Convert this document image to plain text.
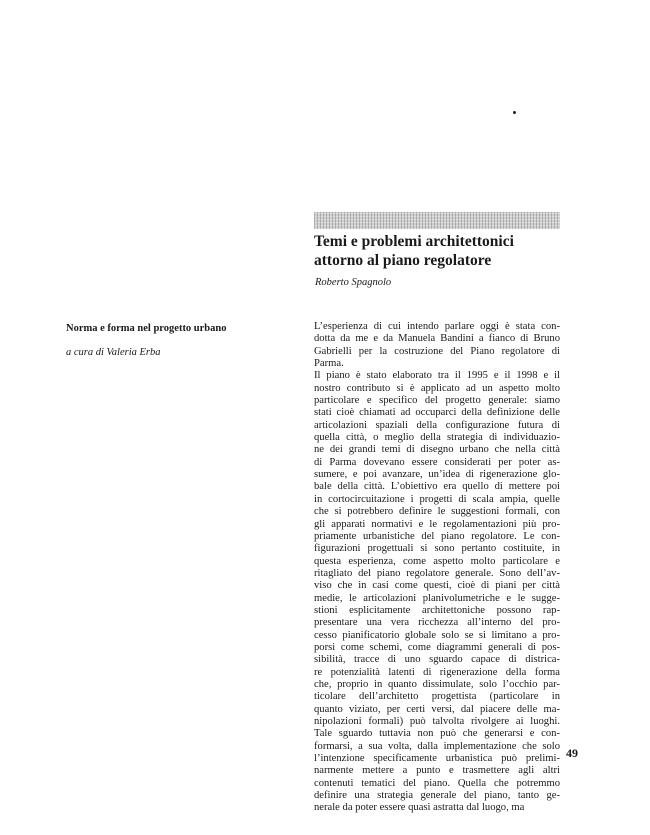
Temi e problemi architettonici
attorno al piano regolatore

Roberto Spagnolo

Norma e forma nel progetto urbano

a cura di Valeria Erba

L’esperienza di cui intendo parlare oggi è stata con-
dotta da me e da Manuela Bandini a fianco di Bruno
Gabrielli per la costruzione del Piano regolatore di
Parma.
Il piano è stato elaborato tra il 1995 e il 1998 e il
nostro contributo si è applicato ad un aspetto molto
particolare e specifico del progetto generale: siamo
stati cioè chiamati ad occuparci della definizione delle
articolazioni spaziali della configurazione futura di
quella città, o meglio della strategia di individuazio-
ne dei grandi temi di disegno urbano che nella città
di Parma dovevano essere considerati per poter as-
sumere, e poi avanzare, un’idea di rigenerazione glo-
bale della città. L’obiettivo era quello di mettere poi
in cortocircuitazione i progetti di scala ampia, quelle
che si potrebbero definire le suggestioni formali, con
gli apparati normativi e le regolamentazioni più pro-
priamente urbanistiche del piano regolatore. Le con-
figurazioni progettuali si sono pertanto costituite, in
questa esperienza, come aspetto molto particolare e
ritagliato del piano regolatore generale. Sono dell’av-
viso che in casi come questi, cioè di piani per città
medie, le articolazioni planivolumetriche e le sugge-
stioni esplicitamente architettoniche possono rap-
presentare una vera ricchezza all’interno del pro-
cesso pianificatorio globale solo se si limitano a pro-
porsi come schemi, come diagrammi generali di pos-
sibilità, tracce di uno sguardo capace di districa-
re potenzialità latenti di rigenerazione della forma
che, proprio in quanto dissimulate, solo l’occhio par-
ticolare dell’architetto progettista (particolare in
quanto viziato, per certi versi, dal piacere delle ma-
nipolazioni formali) può talvolta rivolgere ai luoghi.
Tale sguardo tuttavia non può che generarsi e con-
formarsi, a sua volta, dalla implementazione che solo
l’intenzione specificamente urbanistica può prelimi-
narmente mettere a punto e trasmettere agli altri
contenuti tematici del piano. Quella che potremmo
definire una strategia generale del piano, tanto ge-
nerale da poter essere quasi astratta dal luogo, ma

49
